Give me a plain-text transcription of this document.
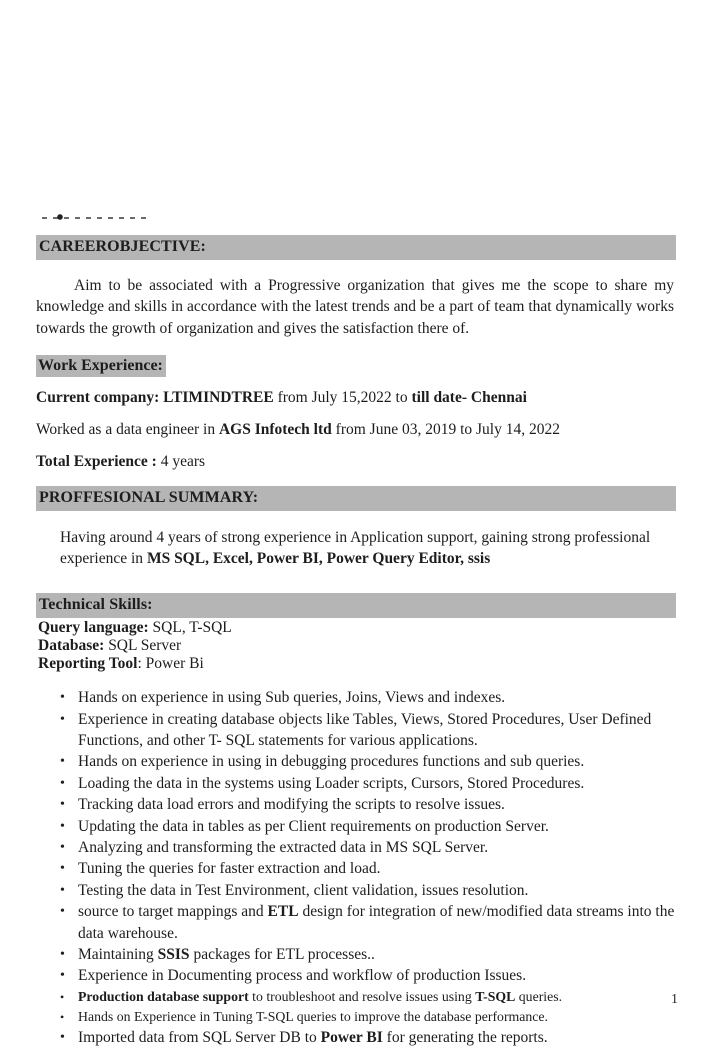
CAREEROBJECTIVE:

Aim to be associated with a Progressive organization that gives me the scope to share my knowledge and skills in accordance with the latest trends and be a part of team that dynamically works towards the growth of organization and gives the satisfaction there of.

Work Experience:
Current company: LTIMINDTREE from July 15,2022 to till date- Chennai
Worked as a data engineer in AGS Infotech ltd from June 03, 2019 to July 14, 2022
Total Experience : 4 years
PROFFESIONAL SUMMARY:

Having around 4 years of strong experience in Application support, gaining strong professional experience in MS SQL, Excel, Power BI, Power Query Editor, ssis

Technical Skills:
Query language: SQL, T-SQL
Database: SQL Server
Reporting Tool: Power Bi
• Hands on experience in using Sub queries, Joins, Views and indexes.
• Experience in creating database objects like Tables, Views, Stored Procedures, User Defined Functions, and other T- SQL statements for various applications.
• Hands on experience in using in debugging procedures functions and sub queries.
• Loading the data in the systems using Loader scripts, Cursors, Stored Procedures.
• Tracking data load errors and modifying the scripts to resolve issues.
• Updating the data in tables as per Client requirements on production Server.
• Analyzing and transforming the extracted data in MS SQL Server.
• Tuning the queries for faster extraction and load.
• Testing the data in Test Environment, client validation, issues resolution.
• source to target mappings and ETL design for integration of new/modified data streams into the data warehouse.
• Maintaining SSIS packages for ETL processes..
• Experience in Documenting process and workflow of production Issues.
• Production database support to troubleshoot and resolve issues using T-SQL queries.
• Hands on Experience in Tuning T-SQL queries to improve the database performance.
• Imported data from SQL Server DB to Power BI for generating the reports.
1
